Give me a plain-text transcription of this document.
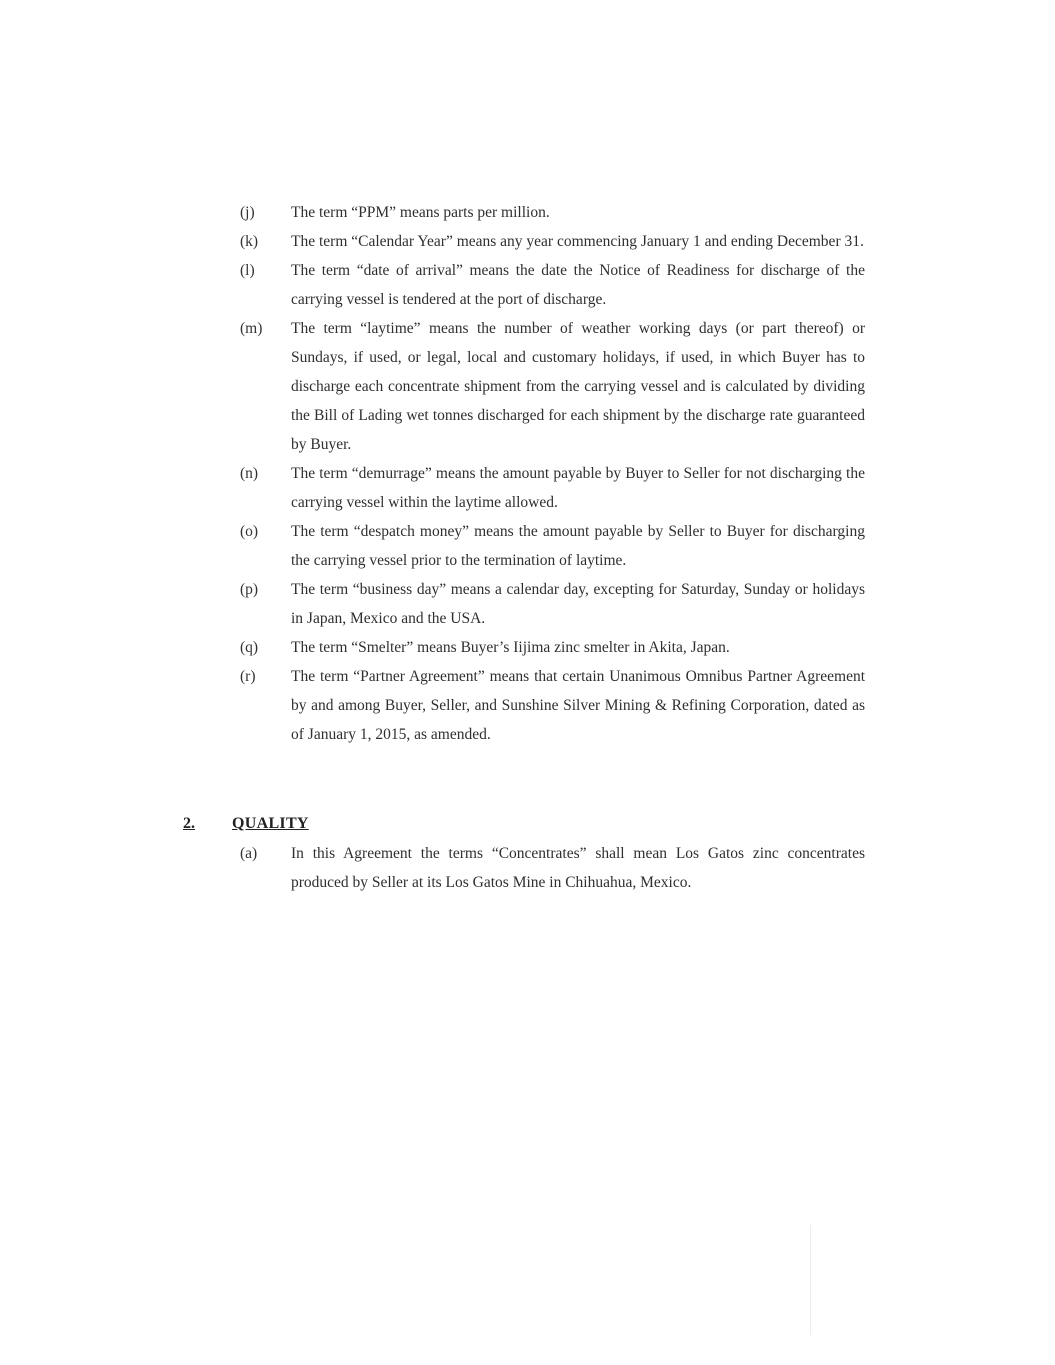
(j)	The term “PPM” means parts per million.
(k)	The term “Calendar Year” means any year commencing January 1 and ending December 31.
(l)	The term “date of arrival” means the date the Notice of Readiness for discharge of the carrying vessel is tendered at the port of discharge.
(m)	The term “laytime” means the number of weather working days (or part thereof) or Sundays, if used, or legal, local and customary holidays, if used, in which Buyer has to discharge each concentrate shipment from the carrying vessel and is calculated by dividing the Bill of Lading wet tonnes discharged for each shipment by the discharge rate guaranteed by Buyer.
(n)	The term “demurrage” means the amount payable by Buyer to Seller for not discharging the carrying vessel within the laytime allowed.
(o)	The term “despatch money” means the amount payable by Seller to Buyer for discharging the carrying vessel prior to the termination of laytime.
(p)	The term “business day” means a calendar day, excepting for Saturday, Sunday or holidays in Japan, Mexico and the USA.
(q)	The term “Smelter” means Buyer’s Iijima zinc smelter in Akita, Japan.
(r)	The term “Partner Agreement” means that certain Unanimous Omnibus Partner Agreement by and among Buyer, Seller, and Sunshine Silver Mining & Refining Corporation, dated as of January 1, 2015, as amended.
2.	QUALITY
(a)	In this Agreement the terms “Concentrates” shall mean Los Gatos zinc concentrates produced by Seller at its Los Gatos Mine in Chihuahua, Mexico.
